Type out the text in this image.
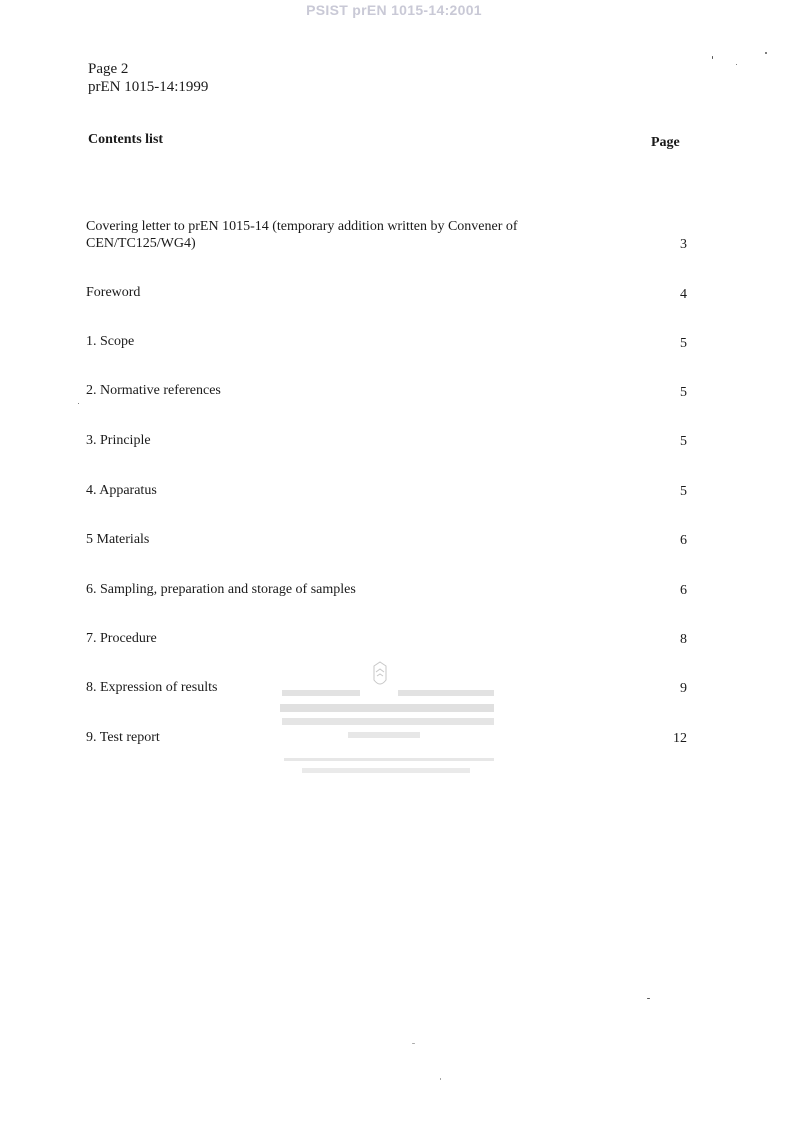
PSIST prEN 1015-14:2001
Page 2
prEN 1015-14:1999
Contents list	Page
Covering letter to prEN 1015-14 (temporary addition written by Convener of
CEN/TC125/WG4)	3
Foreword	4
1. Scope	5
2. Normative references	5
3. Principle	5
4. Apparatus	5
5 Materials	6
6. Sampling, preparation and storage of samples	6
7. Procedure	8
8. Expression of results	9
9. Test report	12
